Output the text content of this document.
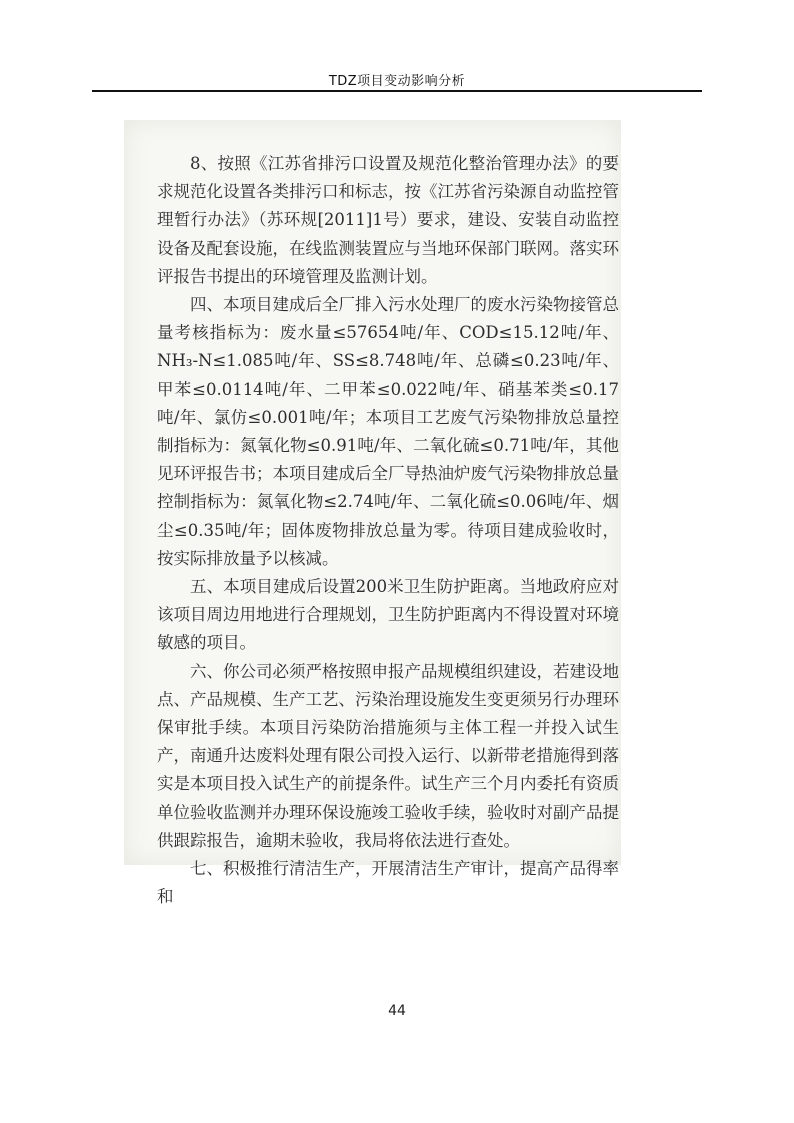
TDZ项目变动影响分析

8、按照《江苏省排污口设置及规范化整治管理办法》的要求规范化设置各类排污口和标志，按《江苏省污染源自动监控管理暂行办法》（苏环规[2011]1号）要求，建设、安装自动监控设备及配套设施，在线监测装置应与当地环保部门联网。落实环评报告书提出的环境管理及监测计划。

四、本项目建成后全厂排入污水处理厂的废水污染物接管总量考核指标为：废水量≤57654吨/年、COD≤15.12吨/年、NH₃-N≤1.085吨/年、SS≤8.748吨/年、总磷≤0.23吨/年、甲苯≤0.0114吨/年、二甲苯≤0.022吨/年、硝基苯类≤0.17吨/年、氯仿≤0.001吨/年；本项目工艺废气污染物排放总量控制指标为：氮氧化物≤0.91吨/年、二氧化硫≤0.71吨/年，其他见环评报告书；本项目建成后全厂导热油炉废气污染物排放总量控制指标为：氮氧化物≤2.74吨/年、二氧化硫≤0.06吨/年、烟尘≤0.35吨/年；固体废物排放总量为零。待项目建成验收时，按实际排放量予以核减。

五、本项目建成后设置200米卫生防护距离。当地政府应对该项目周边用地进行合理规划，卫生防护距离内不得设置对环境敏感的项目。

六、你公司必须严格按照申报产品规模组织建设，若建设地点、产品规模、生产工艺、污染治理设施发生变更须另行办理环保审批手续。本项目污染防治措施须与主体工程一并投入试生产，南通升达废料处理有限公司投入运行、以新带老措施得到落实是本项目投入试生产的前提条件。试生产三个月内委托有资质单位验收监测并办理环保设施竣工验收手续，验收时对副产品提供跟踪报告，逾期未验收，我局将依法进行查处。

七、积极推行清洁生产，开展清洁生产审计，提高产品得率和

44
